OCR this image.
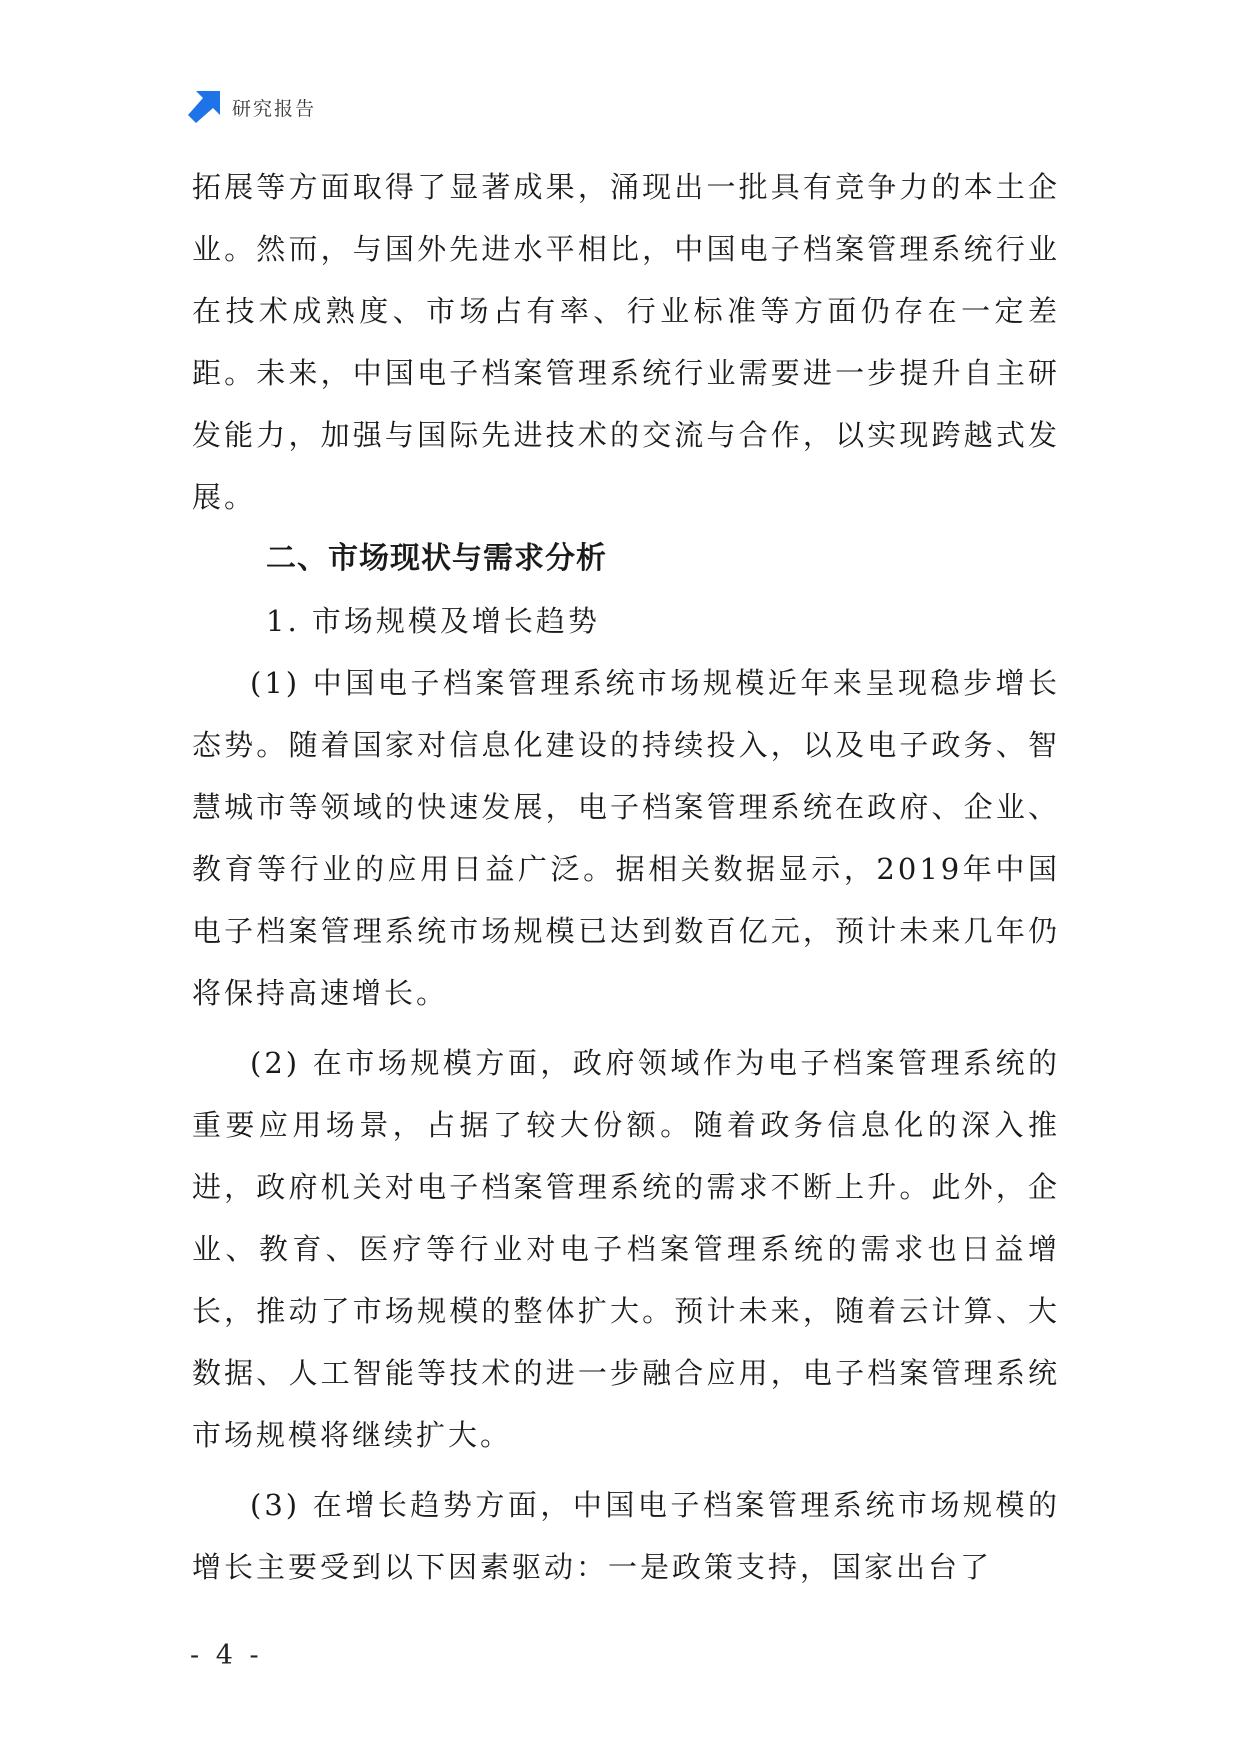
研究报告

拓展等方面取得了显著成果，涌现出一批具有竞争力的本土企业。然而，与国外先进水平相比，中国电子档案管理系统行业在技术成熟度、市场占有率、行业标准等方面仍存在一定差距。未来，中国电子档案管理系统行业需要进一步提升自主研发能力，加强与国际先进技术的交流与合作，以实现跨越式发展。

二、市场现状与需求分析

1. 市场规模及增长趋势

(1) 中国电子档案管理系统市场规模近年来呈现稳步增长态势。随着国家对信息化建设的持续投入，以及电子政务、智慧城市等领域的快速发展，电子档案管理系统在政府、企业、教育等行业的应用日益广泛。据相关数据显示，2019年中国电子档案管理系统市场规模已达到数百亿元，预计未来几年仍将保持高速增长。

(2) 在市场规模方面，政府领域作为电子档案管理系统的重要应用场景，占据了较大份额。随着政务信息化的深入推进，政府机关对电子档案管理系统的需求不断上升。此外，企业、教育、医疗等行业对电子档案管理系统的需求也日益增长，推动了市场规模的整体扩大。预计未来，随着云计算、大数据、人工智能等技术的进一步融合应用，电子档案管理系统市场规模将继续扩大。

(3) 在增长趋势方面，中国电子档案管理系统市场规模的增长主要受到以下因素驱动：一是政策支持，国家出台了

- 4 -
